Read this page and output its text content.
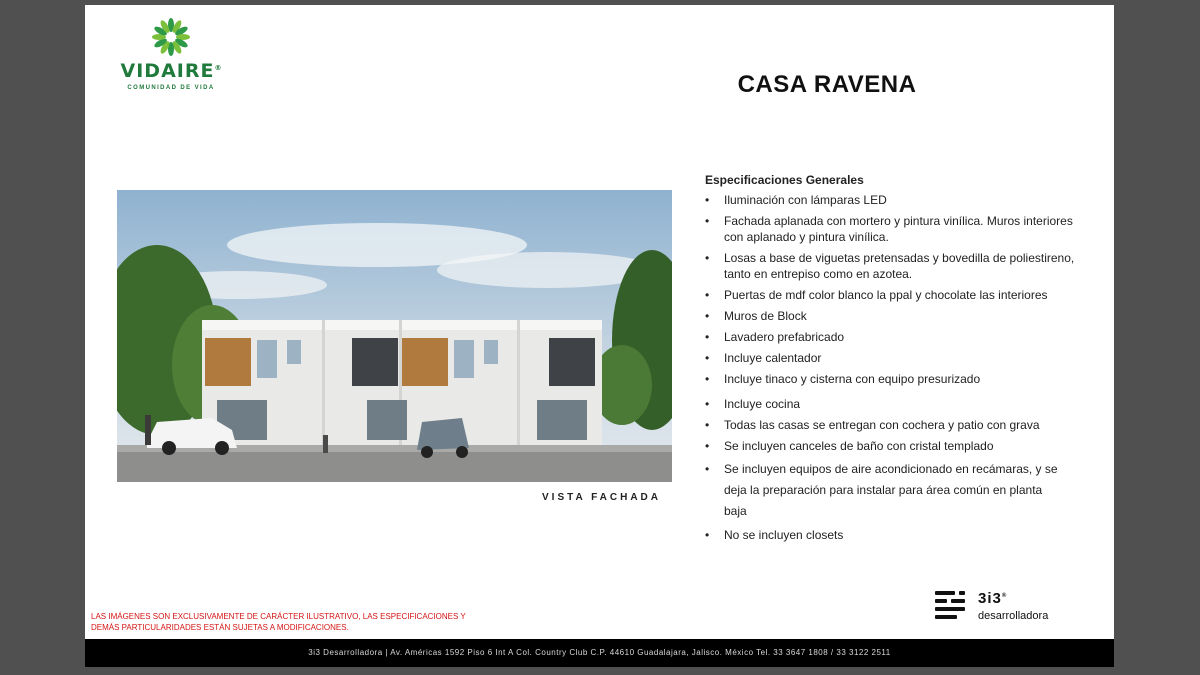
VIDAIRE®
COMUNIDAD DE VIDA	CASA RAVENA
VISTA FACHADA
Especificaciones Generales
• Iluminación con lámparas LED
• Fachada aplanada con mortero y pintura vinílica. Muros interiores con aplanado y pintura vinílica.
• Losas a base de viguetas pretensadas y bovedilla de poliestireno, tanto en entrepiso como en azotea.
• Puertas de mdf color blanco la ppal y chocolate las interiores
• Muros de Block
• Lavadero prefabricado
• Incluye calentador
• Incluye tinaco y cisterna con equipo presurizado
• Incluye cocina
• Todas las casas se entregan con cochera y patio con grava
• Se incluyen canceles de baño con cristal templado
• Se incluyen equipos de aire acondicionado en recámaras, y se
deja la preparación para instalar para área común en planta
baja
• No se incluyen closets
LAS IMÁGENES SON EXCLUSIVAMENTE DE CARÁCTER ILUSTRATIVO, LAS ESPECIFICACIONES Y DEMÁS PARTICULARIDADES ESTÁN SUJETAS A MODIFICACIONES.
3i3®
desarrolladora
3i3 Desarrolladora | Av. Américas 1592 Piso 6 Int A Col. Country Club C.P. 44610 Guadalajara, Jalisco. México Tel. 33 3647 1808 / 33 3122 2511
